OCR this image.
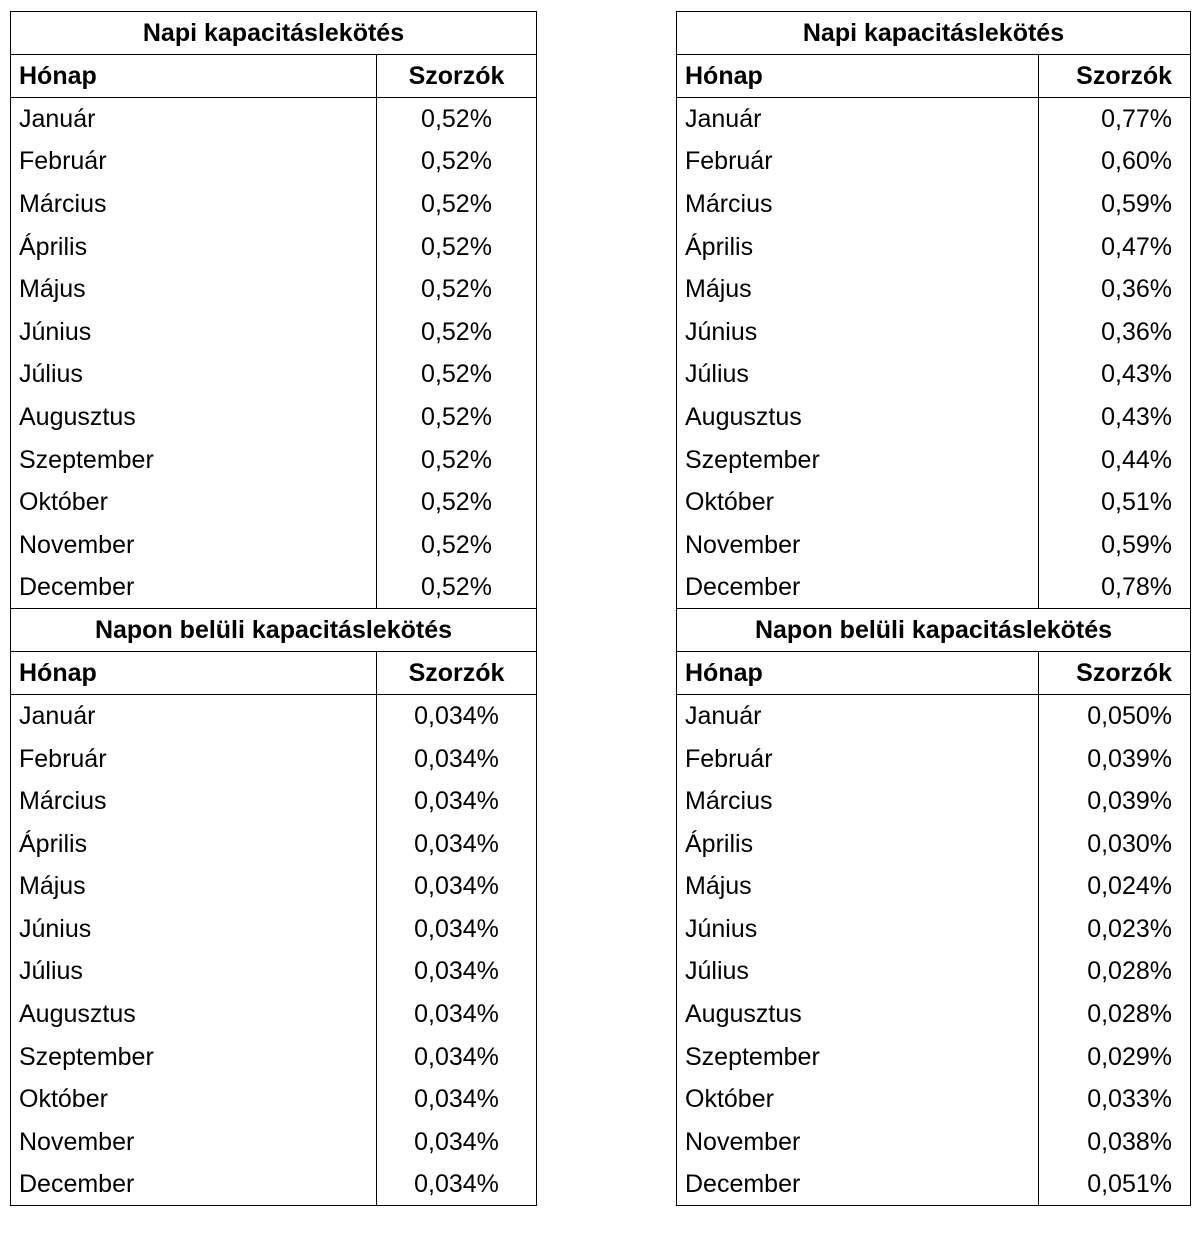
Napi kapacitáslekötés	
Hónap	Szorzók
Január	0,52%
Február	0,52%
Március	0,52%
Április	0,52%
Május	0,52%
Június	0,52%
Július	0,52%
Augusztus	0,52%
Szeptember	0,52%
Október	0,52%
November	0,52%
December	0,52%
Napon belüli kapacitáslekötés	
Hónap	Szorzók
Január	0,034%
Február	0,034%
Március	0,034%
Április	0,034%
Május	0,034%
Június	0,034%
Július	0,034%
Augusztus	0,034%
Szeptember	0,034%
Október	0,034%
November	0,034%
December	0,034%
Napi kapacitáslekötés	
Hónap	Szorzók
Január	0,77%
Február	0,60%
Március	0,59%
Április	0,47%
Május	0,36%
Június	0,36%
Július	0,43%
Augusztus	0,43%
Szeptember	0,44%
Október	0,51%
November	0,59%
December	0,78%
Napon belüli kapacitáslekötés	
Hónap	Szorzók
Január	0,050%
Február	0,039%
Március	0,039%
Április	0,030%
Május	0,024%
Június	0,023%
Július	0,028%
Augusztus	0,028%
Szeptember	0,029%
Október	0,033%
November	0,038%
December	0,051%
